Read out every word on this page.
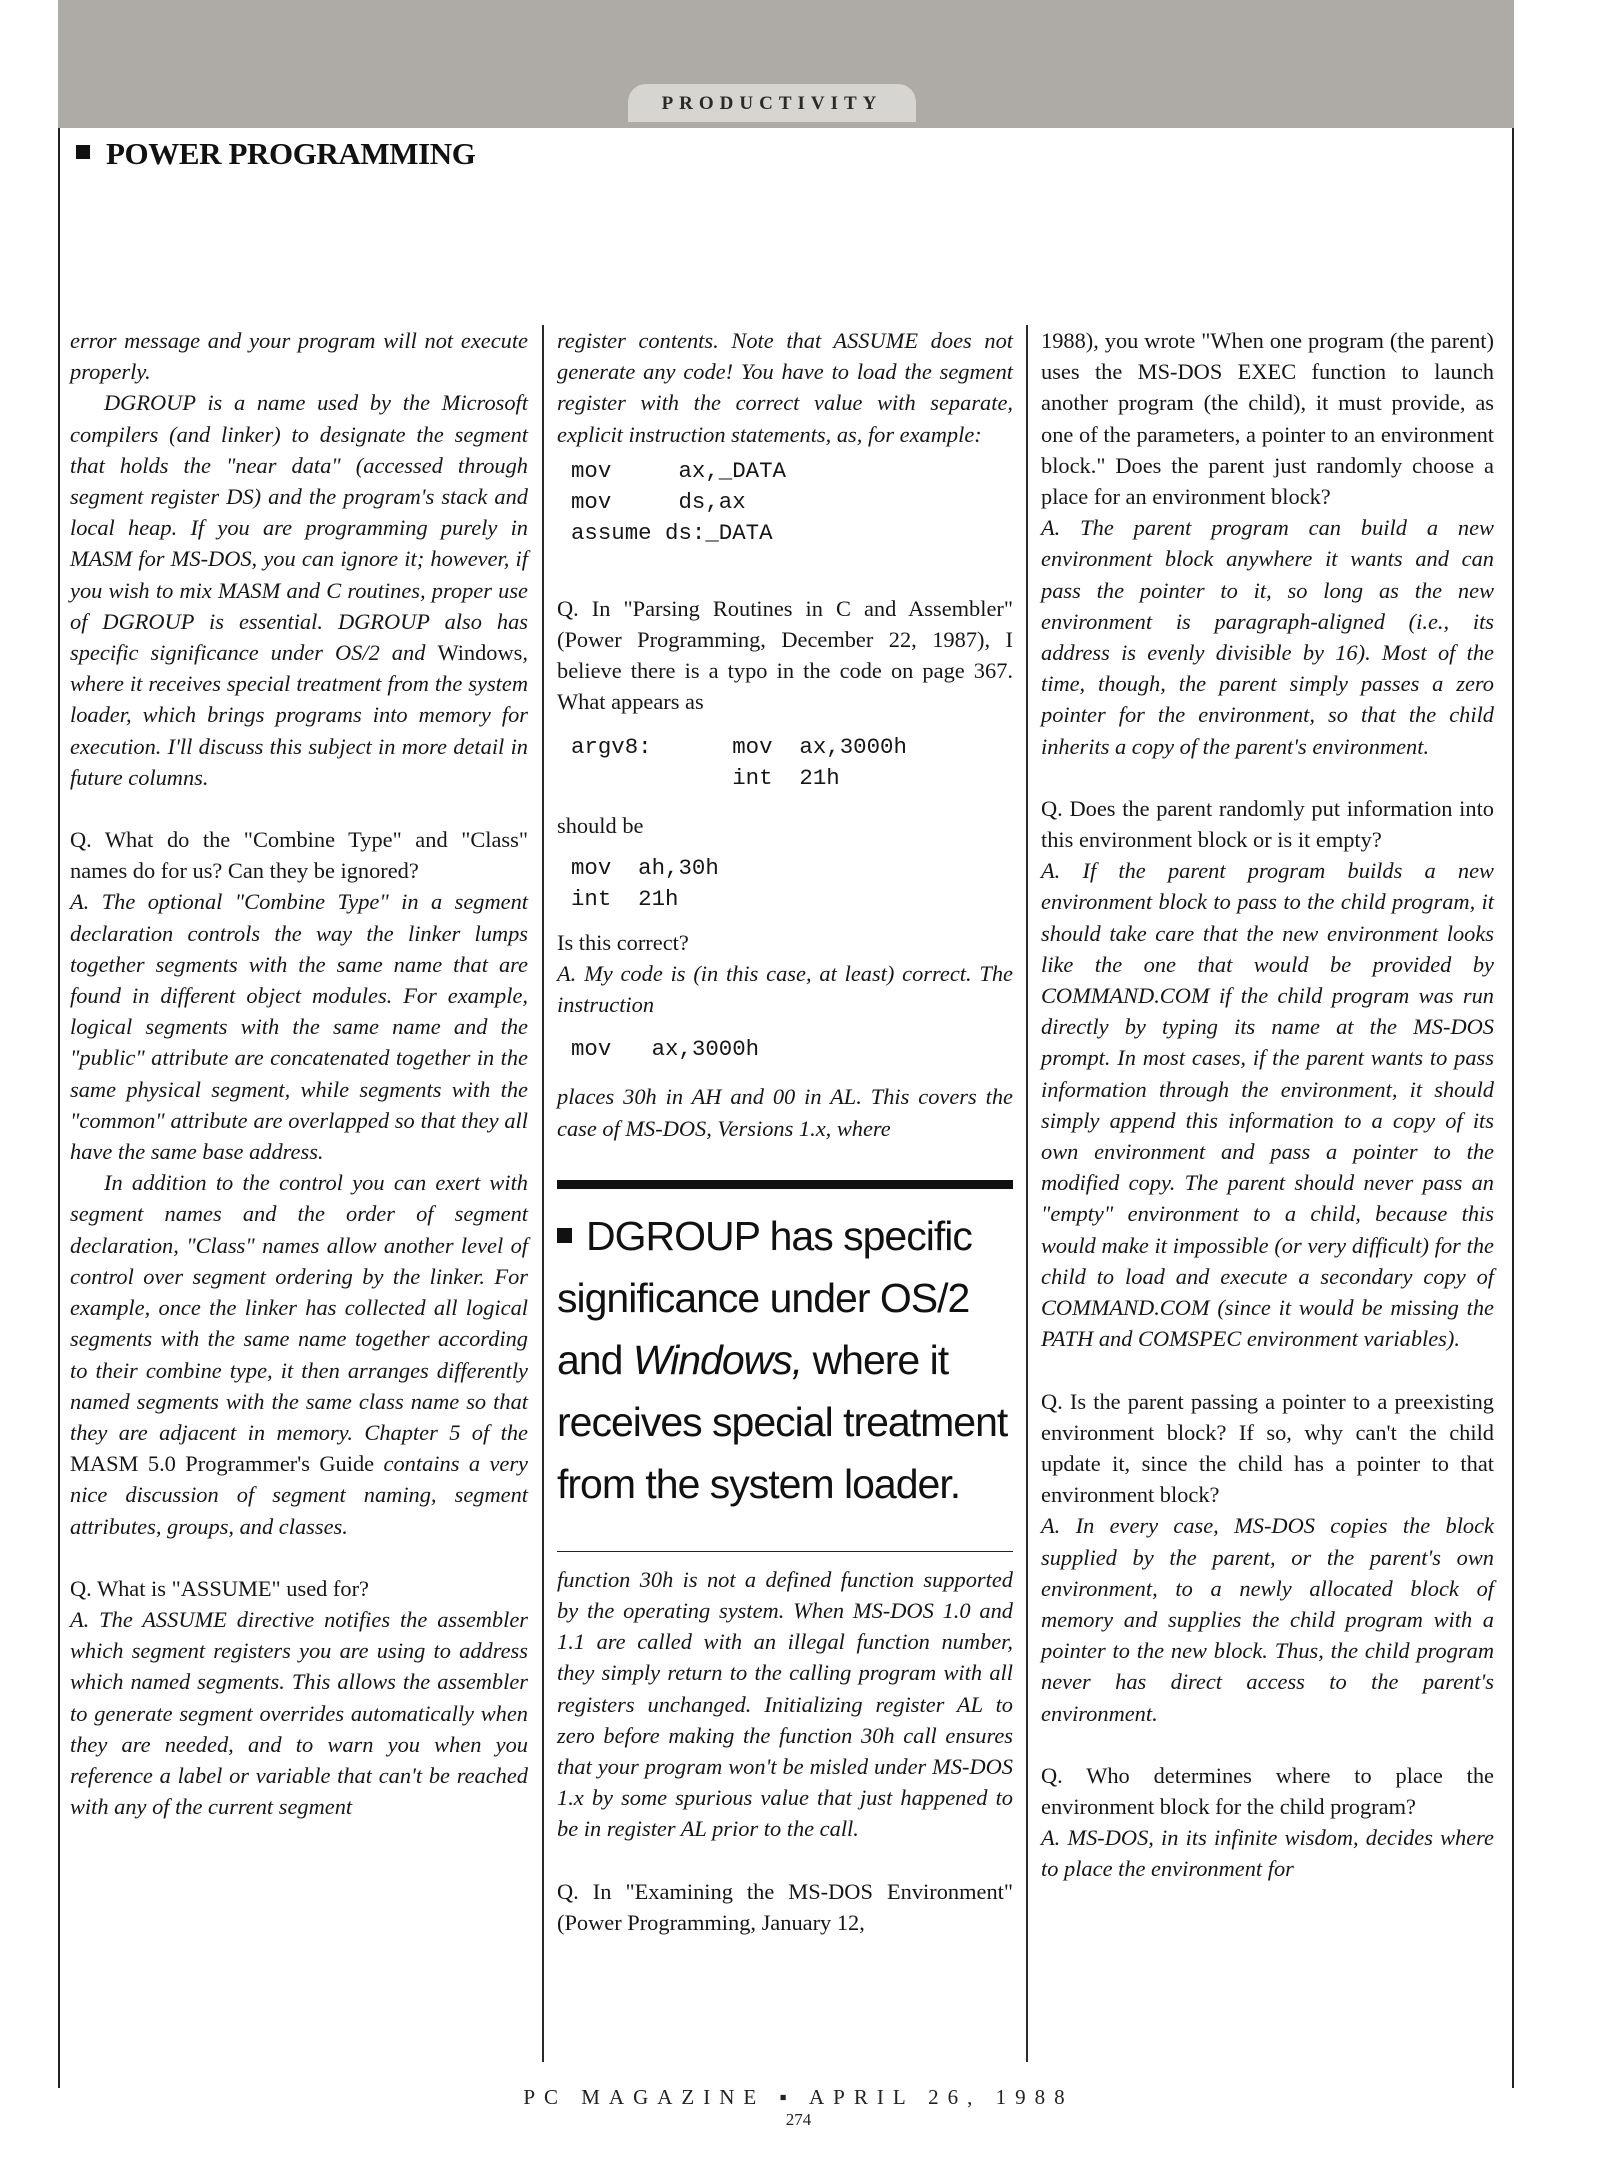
PRODUCTIVITY
POWER PROGRAMMING

error message and your program will not execute properly.

DGROUP is a name used by the Microsoft compilers (and linker) to designate the segment that holds the "near data" (accessed through segment register DS) and the program's stack and local heap. If you are programming purely in MASM for MS-DOS, you can ignore it; however, if you wish to mix MASM and C routines, proper use of DGROUP is essential. DGROUP also has specific significance under OS/2 and Windows, where it receives special treatment from the system loader, which brings programs into memory for execution. I'll discuss this subject in more detail in future columns.

Q. What do the "Combine Type" and "Class" names do for us? Can they be ignored?

A. The optional "Combine Type" in a segment declaration controls the way the linker lumps together segments with the same name that are found in different object modules. For example, logical segments with the same name and the "public" attribute are concatenated together in the same physical segment, while segments with the "common" attribute are overlapped so that they all have the same base address.

In addition to the control you can exert with segment names and the order of segment declaration, "Class" names allow another level of control over segment ordering by the linker. For example, once the linker has collected all logical segments with the same name together according to their combine type, it then arranges differently named segments with the same class name so that they are adjacent in memory. Chapter 5 of the MASM 5.0 Programmer's Guide contains a very nice discussion of segment naming, segment attributes, groups, and classes.

Q. What is "ASSUME" used for?

A. The ASSUME directive notifies the assembler which segment registers you are using to address which named segments. This allows the assembler to generate segment overrides automatically when they are needed, and to warn you when you reference a label or variable that can't be reached with any of the current segment

register contents. Note that ASSUME does not generate any code! You have to load the segment register with the correct value with separate, explicit instruction statements, as, for example:

mov     ax,_DATA
mov     ds,ax
assume ds:_DATA

Q. In "Parsing Routines in C and Assembler" (Power Programming, December 22, 1987), I believe there is a typo in the code on page 367. What appears as

argv8:      mov  ax,3000h
int  21h

should be

mov  ah,30h
int  21h

Is this correct?

A. My code is (in this case, at least) correct. The instruction

mov   ax,3000h

places 30h in AH and 00 in AL. This covers the case of MS-DOS, Versions 1.x, where

DGROUP has specific significance under OS/2 and Windows, where it receives special treatment from the system loader.

function 30h is not a defined function supported by the operating system. When MS-DOS 1.0 and 1.1 are called with an illegal function number, they simply return to the calling program with all registers unchanged. Initializing register AL to zero before making the function 30h call ensures that your program won't be misled under MS-DOS 1.x by some spurious value that just happened to be in register AL prior to the call.

Q. In "Examining the MS-DOS Environment" (Power Programming, January 12,

1988), you wrote "When one program (the parent) uses the MS-DOS EXEC function to launch another program (the child), it must provide, as one of the parameters, a pointer to an environment block." Does the parent just randomly choose a place for an environment block?

A. The parent program can build a new environment block anywhere it wants and can pass the pointer to it, so long as the new environment is paragraph-aligned (i.e., its address is evenly divisible by 16). Most of the time, though, the parent simply passes a zero pointer for the environment, so that the child inherits a copy of the parent's environment.

Q. Does the parent randomly put information into this environment block or is it empty?

A. If the parent program builds a new environment block to pass to the child program, it should take care that the new environment looks like the one that would be provided by COMMAND.COM if the child program was run directly by typing its name at the MS-DOS prompt. In most cases, if the parent wants to pass information through the environment, it should simply append this information to a copy of its own environment and pass a pointer to the modified copy. The parent should never pass an "empty" environment to a child, because this would make it impossible (or very difficult) for the child to load and execute a secondary copy of COMMAND.COM (since it would be missing the PATH and COMSPEC environment variables).

Q. Is the parent passing a pointer to a preexisting environment block? If so, why can't the child update it, since the child has a pointer to that environment block?

A. In every case, MS-DOS copies the block supplied by the parent, or the parent's own environment, to a newly allocated block of memory and supplies the child program with a pointer to the new block. Thus, the child program never has direct access to the parent's environment.

Q. Who determines where to place the environment block for the child program?

A. MS-DOS, in its infinite wisdom, decides where to place the environment for

PC MAGAZINE ▪ APRIL 26, 1988
274
